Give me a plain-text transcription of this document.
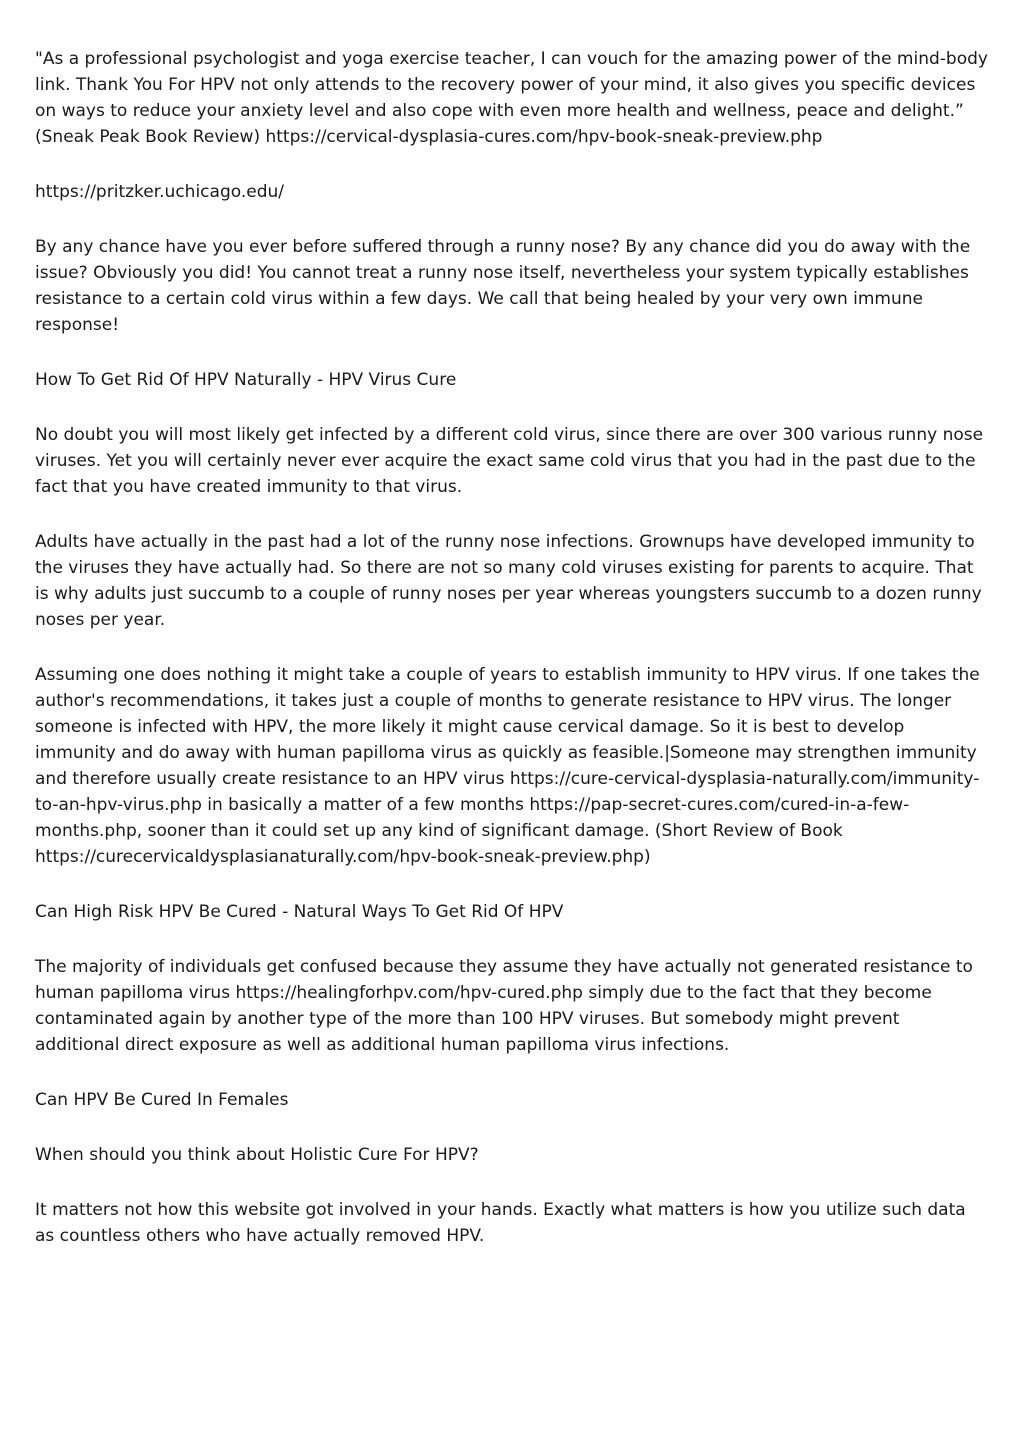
"As a professional psychologist and yoga exercise teacher, I can vouch for the amazing power of the mind-body link. Thank You For HPV not only attends to the recovery power of your mind, it also gives you specific devices on ways to reduce your anxiety level and also cope with even more health and wellness, peace and delight.” (Sneak Peak Book Review) https://cervical-dysplasia-cures.com/hpv-book-sneak-preview.php

https://pritzker.uchicago.edu/

By any chance have you ever before suffered through a runny nose? By any chance did you do away with the issue? Obviously you did! You cannot treat a runny nose itself, nevertheless your system typically establishes resistance to a certain cold virus within a few days. We call that being healed by your very own immune response!

How To Get Rid Of HPV Naturally - HPV Virus Cure

No doubt you will most likely get infected by a different cold virus, since there are over 300 various runny nose viruses. Yet you will certainly never ever acquire the exact same cold virus that you had in the past due to the fact that you have created immunity to that virus.

Adults have actually in the past had a lot of the runny nose infections. Grownups have developed immunity to the viruses they have actually had. So there are not so many cold viruses existing for parents to acquire. That is why adults just succumb to a couple of runny noses per year whereas youngsters succumb to a dozen runny noses per year.

Assuming one does nothing it might take a couple of years to establish immunity to HPV virus. If one takes the author's recommendations, it takes just a couple of months to generate resistance to HPV virus. The longer someone is infected with HPV, the more likely it might cause cervical damage. So it is best to develop immunity and do away with human papilloma virus as quickly as feasible.|Someone may strengthen immunity and therefore usually create resistance to an HPV virus https://cure-cervical-dysplasia-naturally.com/immunity-to-an-hpv-virus.php in basically a matter of a few months https://pap-secret-cures.com/cured-in-a-few-months.php, sooner than it could set up any kind of significant damage. (Short Review of Book https://curecervicaldysplasianaturally.com/hpv-book-sneak-preview.php)

Can High Risk HPV Be Cured - Natural Ways To Get Rid Of HPV

The majority of individuals get confused because they assume they have actually not generated resistance to human papilloma virus https://healingforhpv.com/hpv-cured.php simply due to the fact that they become contaminated again by another type of the more than 100 HPV viruses. But somebody might prevent additional direct exposure as well as additional human papilloma virus infections.

Can HPV Be Cured In Females

When should you think about Holistic Cure For HPV?

It matters not how this website got involved in your hands. Exactly what matters is how you utilize such data as countless others who have actually removed HPV.
